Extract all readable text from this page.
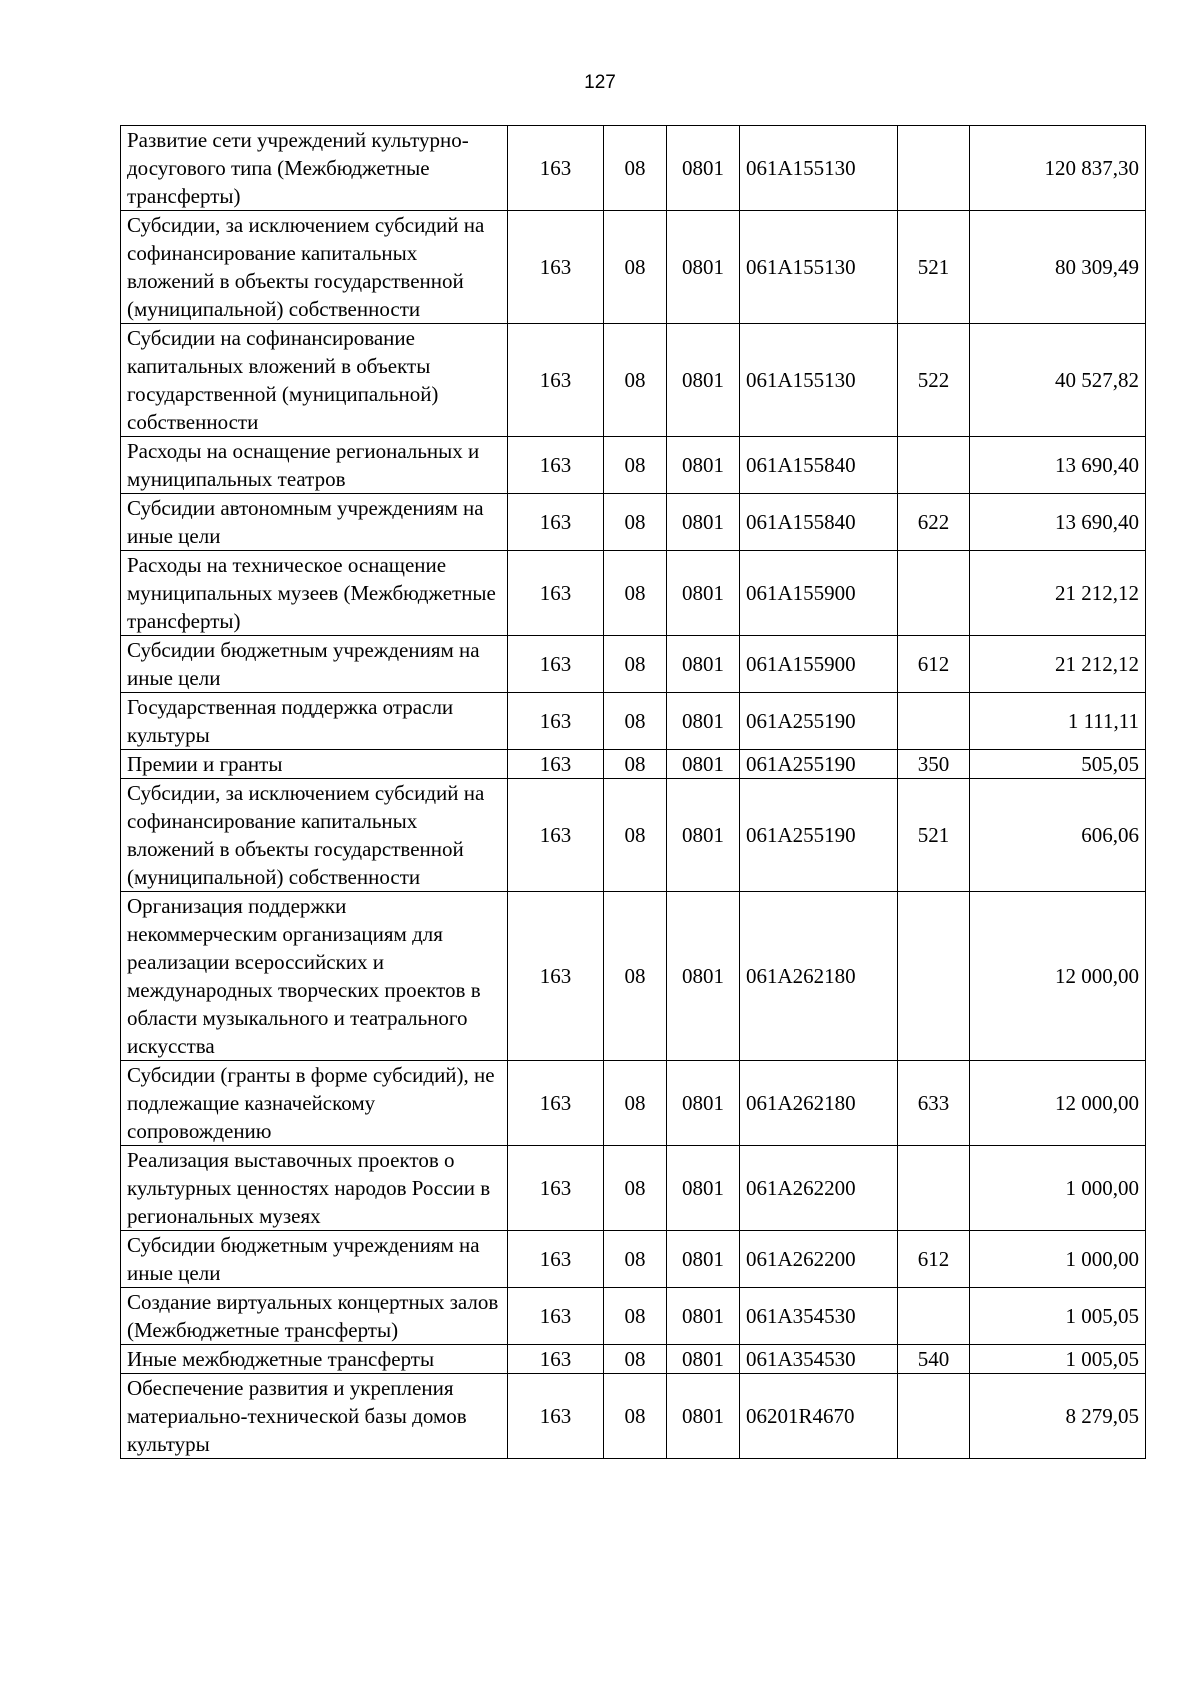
127
Развитие сети учреждений культурно-досугового типа (Межбюджетные трансферты)	163	08	0801	061А155130		120 837,30
Субсидии, за исключением субсидий на софинансирование капитальных вложений в объекты государственной (муниципальной) собственности	163	08	0801	061А155130	521	80 309,49
Субсидии на софинансирование капитальных вложений в объекты государственной (муниципальной) собственности	163	08	0801	061А155130	522	40 527,82
Расходы на оснащение региональных и муниципальных театров	163	08	0801	061А155840		13 690,40
Субсидии автономным учреждениям на иные цели	163	08	0801	061А155840	622	13 690,40
Расходы на техническое оснащение муниципальных музеев (Межбюджетные трансферты)	163	08	0801	061А155900		21 212,12
Субсидии бюджетным учреждениям на иные цели	163	08	0801	061А155900	612	21 212,12
Государственная поддержка отрасли культуры	163	08	0801	061А255190		1 111,11
Премии и гранты	163	08	0801	061А255190	350	505,05
Субсидии, за исключением субсидий на софинансирование капитальных вложений в объекты государственной (муниципальной) собственности	163	08	0801	061А255190	521	606,06
Организация поддержки некоммерческим организациям для реализации всероссийских и международных творческих проектов в области музыкального и театрального искусства	163	08	0801	061А262180		12 000,00
Субсидии (гранты в форме субсидий), не подлежащие казначейскому сопровождению	163	08	0801	061А262180	633	12 000,00
Реализация выставочных проектов о культурных ценностях народов России в региональных музеях	163	08	0801	061А262200		1 000,00
Субсидии бюджетным учреждениям на иные цели	163	08	0801	061А262200	612	1 000,00
Создание виртуальных концертных залов (Межбюджетные трансферты)	163	08	0801	061А354530		1 005,05
Иные межбюджетные трансферты	163	08	0801	061А354530	540	1 005,05
Обеспечение развития и укрепления материально-технической базы домов культуры	163	08	0801	06201R4670		8 279,05
